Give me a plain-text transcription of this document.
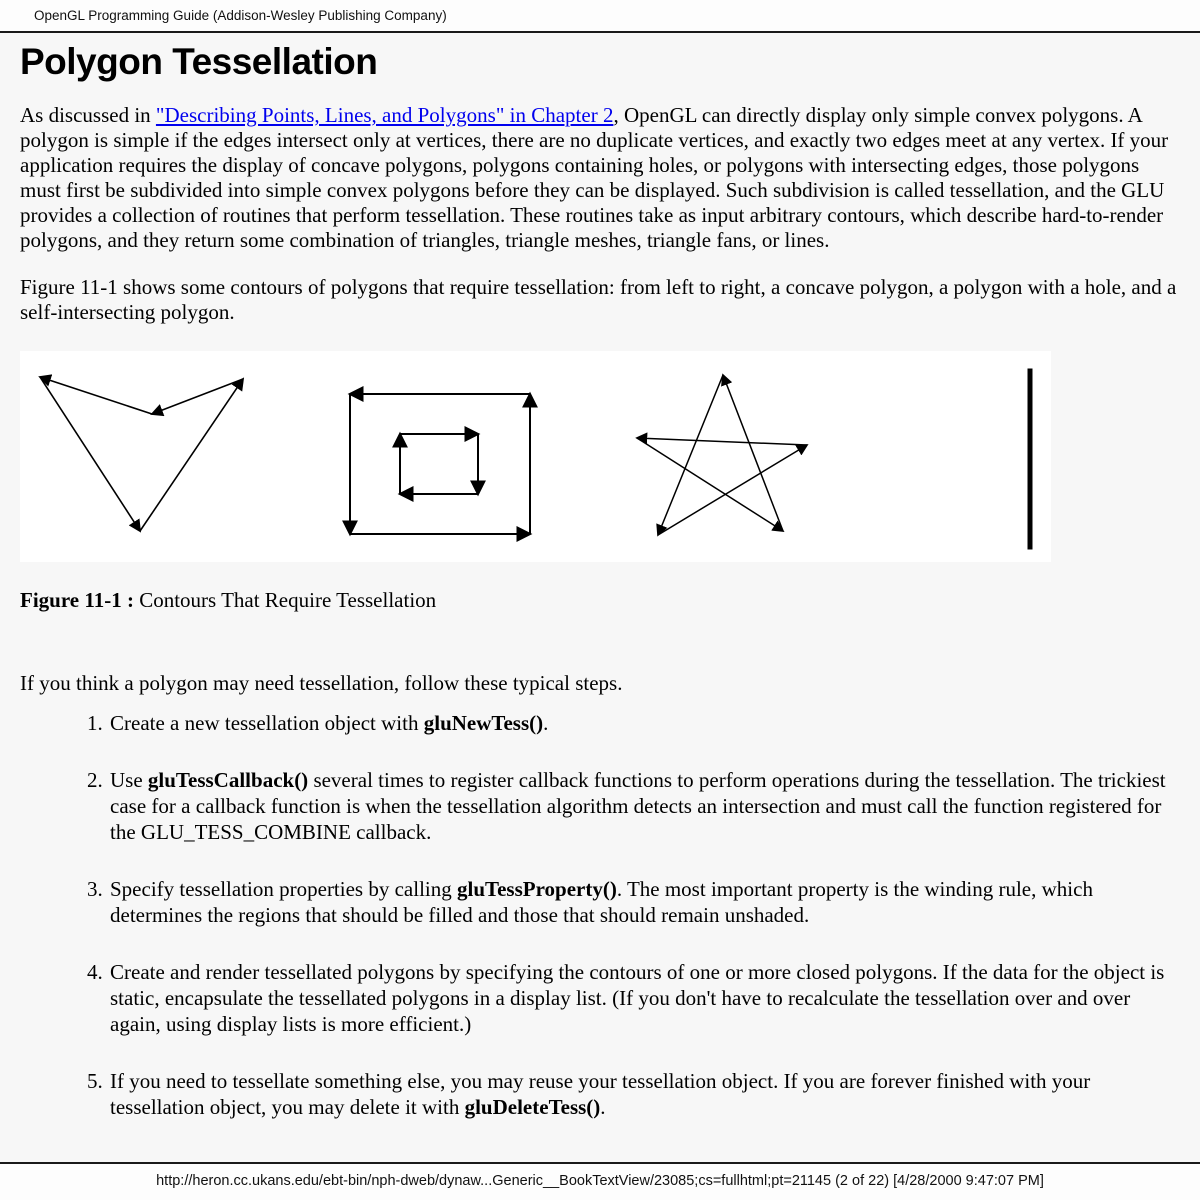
OpenGL Programming Guide (Addison-Wesley Publishing Company)
Polygon Tessellation

As discussed in "Describing Points, Lines, and Polygons" in Chapter 2, OpenGL can directly display only simple convex polygons. A polygon is simple if the edges intersect only at vertices, there are no duplicate vertices, and exactly two edges meet at any vertex. If your application requires the display of concave polygons, polygons containing holes, or polygons with intersecting edges, those polygons must first be subdivided into simple convex polygons before they can be displayed. Such subdivision is called tessellation, and the GLU provides a collection of routines that perform tessellation. These routines take as input arbitrary contours, which describe hard-to-render polygons, and they return some combination of triangles, triangle meshes, triangle fans, or lines.

Figure 11-1 shows some contours of polygons that require tessellation: from left to right, a concave polygon, a polygon with a hole, and a self-intersecting polygon.

Figure 11-1 : Contours That Require Tessellation

If you think a polygon may need tessellation, follow these typical steps.

1. Create a new tessellation object with gluNewTess().
2. Use gluTessCallback() several times to register callback functions to perform operations during the tessellation. The trickiest case for a callback function is when the tessellation algorithm detects an intersection and must call the function registered for the GLU_TESS_COMBINE callback.
3. Specify tessellation properties by calling gluTessProperty(). The most important property is the winding rule, which determines the regions that should be filled and those that should remain unshaded.
4. Create and render tessellated polygons by specifying the contours of one or more closed polygons. If the data for the object is static, encapsulate the tessellated polygons in a display list. (If you don't have to recalculate the tessellation over and over again, using display lists is more efficient.)
5. If you need to tessellate something else, you may reuse your tessellation object. If you are forever finished with your tessellation object, you may delete it with gluDeleteTess().
http://heron.cc.ukans.edu/ebt-bin/nph-dweb/dynaw...Generic__BookTextView/23085;cs=fullhtml;pt=21145 (2 of 22) [4/28/2000 9:47:07 PM]
